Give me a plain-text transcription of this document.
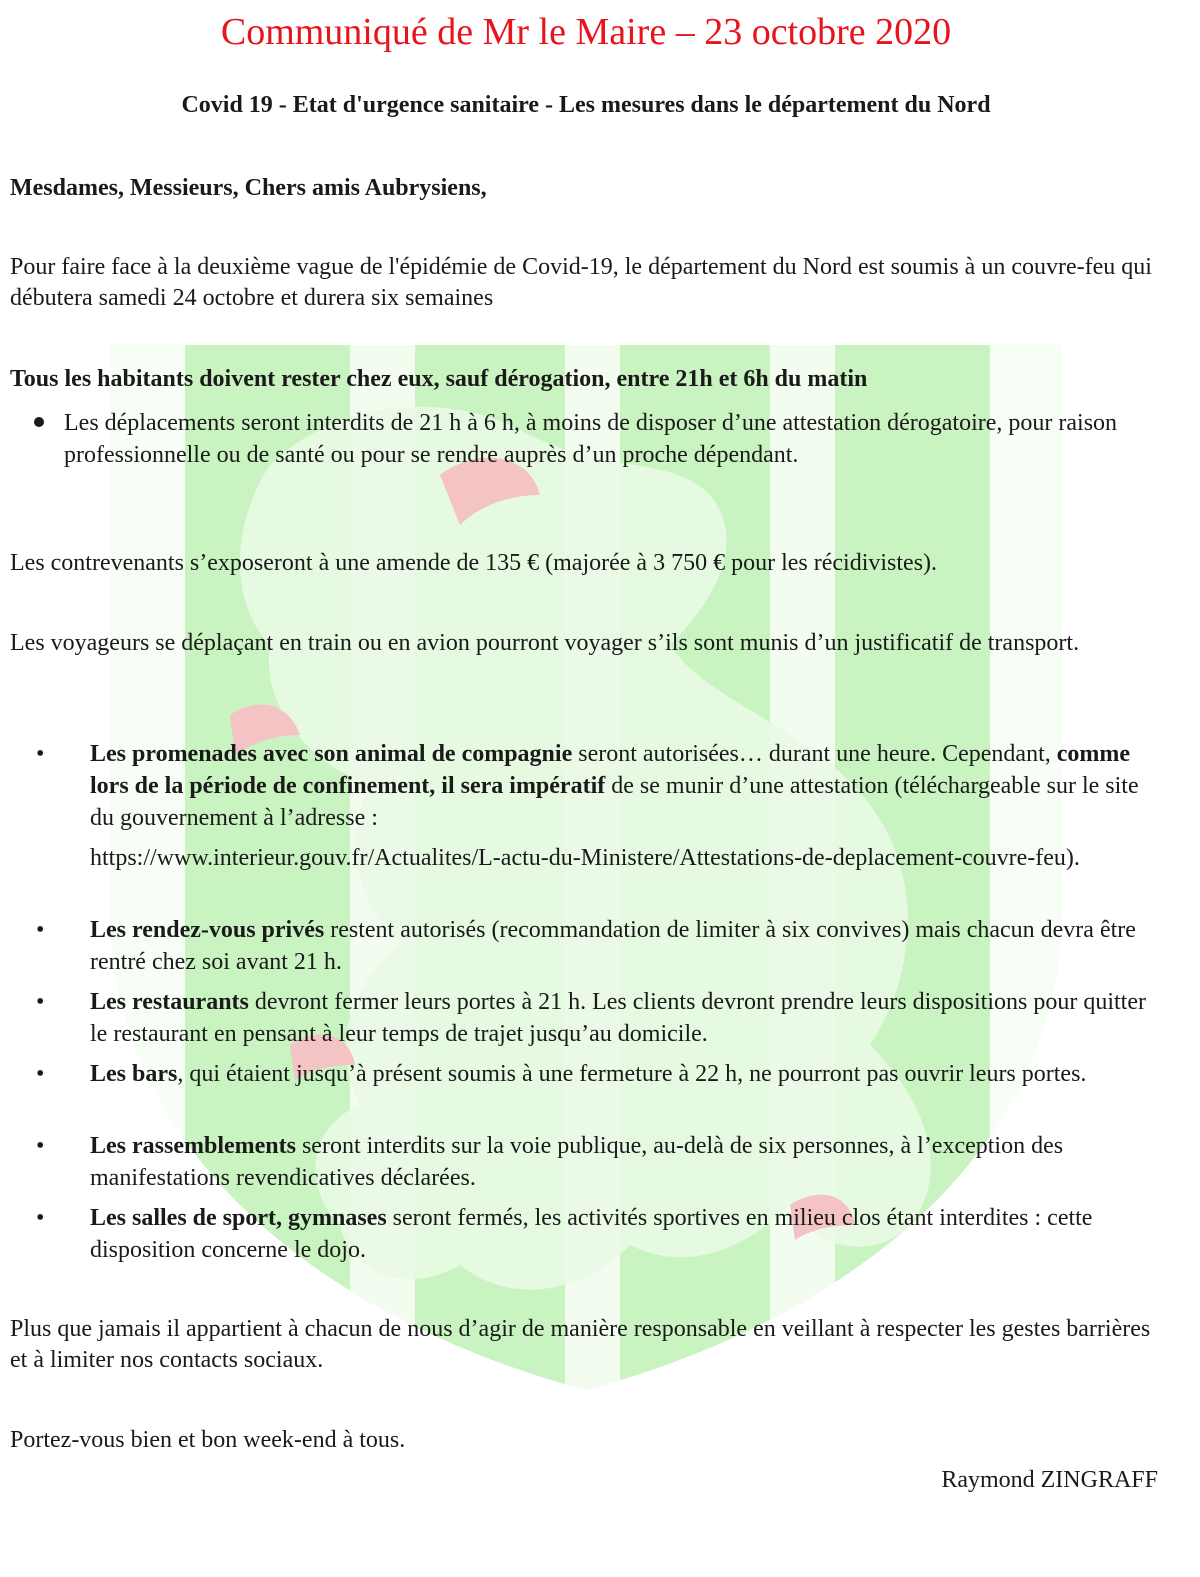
Communiqué de Mr le Maire – 23 octobre 2020
Covid 19 - Etat d'urgence sanitaire - Les mesures dans le département du Nord
Mesdames, Messieurs, Chers amis Aubrysiens,
Pour faire face à la deuxième vague de l'épidémie de Covid-19, le département du Nord est soumis à un couvre-feu qui débutera samedi 24 octobre et durera six semaines
Tous les habitants doivent rester chez eux, sauf dérogation, entre 21h et 6h du matin
Les déplacements seront interdits de 21 h à 6 h, à moins de disposer d’une attestation dérogatoire, pour raison professionnelle ou de santé ou pour se rendre auprès d’un proche dépendant.
Les contrevenants s’exposeront à une amende de 135 € (majorée à 3 750 € pour les récidivistes).
Les voyageurs se déplaçant en train ou en avion pourront voyager s’ils sont munis d’un justificatif de transport.
• Les promenades avec son animal de compagnie seront autorisées… durant une heure. Cependant, comme lors de la période de confinement, il sera impératif de se munir d’une attestation (téléchargeable sur le site du gouvernement à l’adresse :
https://www.interieur.gouv.fr/Actualites/L-actu-du-Ministere/Attestations-de-deplacement-couvre-feu).
• Les rendez-vous privés restent autorisés (recommandation de limiter à six convives) mais chacun devra être rentré chez soi avant 21 h.
• Les restaurants devront fermer leurs portes à 21 h. Les clients devront prendre leurs dispositions pour quitter le restaurant en pensant à leur temps de trajet jusqu’au domicile.
• Les bars, qui étaient jusqu’à présent soumis à une fermeture à 22 h, ne pourront pas ouvrir leurs portes.
• Les rassemblements seront interdits sur la voie publique, au-delà de six personnes, à l’exception des manifestations revendicatives déclarées.
• Les salles de sport, gymnases seront fermés, les activités sportives en milieu clos étant interdites : cette disposition concerne le dojo.
Plus que jamais il appartient à chacun de nous d’agir de manière responsable en veillant à respecter les gestes barrières et à limiter nos contacts sociaux.
Portez-vous bien et bon week-end à tous.
Raymond ZINGRAFF
